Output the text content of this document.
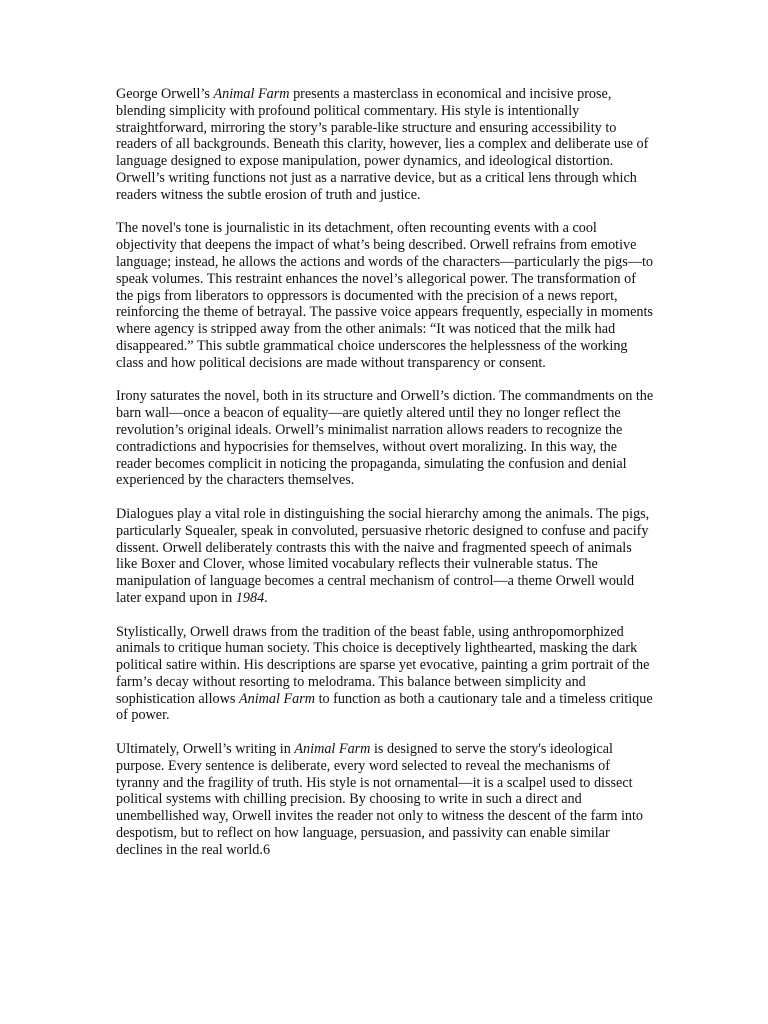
George Orwell’s Animal Farm presents a masterclass in economical and incisive prose, blending simplicity with profound political commentary. His style is intentionally straightforward, mirroring the story’s parable-like structure and ensuring accessibility to readers of all backgrounds. Beneath this clarity, however, lies a complex and deliberate use of language designed to expose manipulation, power dynamics, and ideological distortion. Orwell’s writing functions not just as a narrative device, but as a critical lens through which readers witness the subtle erosion of truth and justice.

The novel's tone is journalistic in its detachment, often recounting events with a cool objectivity that deepens the impact of what’s being described. Orwell refrains from emotive language; instead, he allows the actions and words of the characters—particularly the pigs—to speak volumes. This restraint enhances the novel’s allegorical power. The transformation of the pigs from liberators to oppressors is documented with the precision of a news report, reinforcing the theme of betrayal. The passive voice appears frequently, especially in moments where agency is stripped away from the other animals: “It was noticed that the milk had disappeared.” This subtle grammatical choice underscores the helplessness of the working class and how political decisions are made without transparency or consent.

Irony saturates the novel, both in its structure and Orwell’s diction. The commandments on the barn wall—once a beacon of equality—are quietly altered until they no longer reflect the revolution’s original ideals. Orwell’s minimalist narration allows readers to recognize the contradictions and hypocrisies for themselves, without overt moralizing. In this way, the reader becomes complicit in noticing the propaganda, simulating the confusion and denial experienced by the characters themselves.

Dialogues play a vital role in distinguishing the social hierarchy among the animals. The pigs, particularly Squealer, speak in convoluted, persuasive rhetoric designed to confuse and pacify dissent. Orwell deliberately contrasts this with the naive and fragmented speech of animals like Boxer and Clover, whose limited vocabulary reflects their vulnerable status. The manipulation of language becomes a central mechanism of control—a theme Orwell would later expand upon in 1984.

Stylistically, Orwell draws from the tradition of the beast fable, using anthropomorphized animals to critique human society. This choice is deceptively lighthearted, masking the dark political satire within. His descriptions are sparse yet evocative, painting a grim portrait of the farm’s decay without resorting to melodrama. This balance between simplicity and sophistication allows Animal Farm to function as both a cautionary tale and a timeless critique of power.

Ultimately, Orwell’s writing in Animal Farm is designed to serve the story's ideological purpose. Every sentence is deliberate, every word selected to reveal the mechanisms of tyranny and the fragility of truth. His style is not ornamental—it is a scalpel used to dissect political systems with chilling precision. By choosing to write in such a direct and unembellished way, Orwell invites the reader not only to witness the descent of the farm into despotism, but to reflect on how language, persuasion, and passivity can enable similar declines in the real world.6
